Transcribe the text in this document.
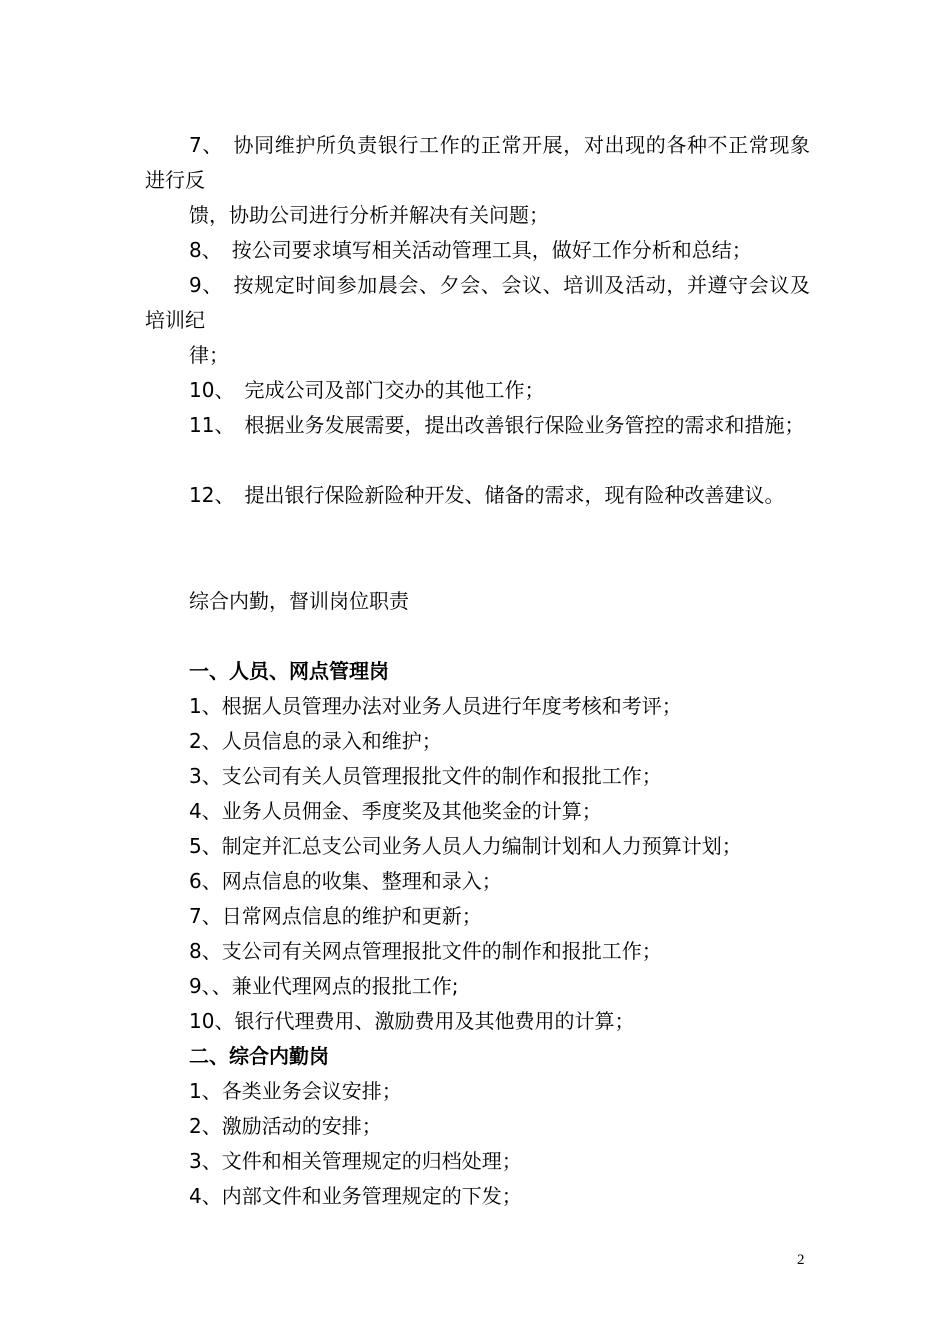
7、　协同维护所负责银行工作的正常开展，对出现的各种不正常现象进行反

馈，协助公司进行分析并解决有关问题；

8、　按公司要求填写相关活动管理工具，做好工作分析和总结；

9、　按规定时间参加晨会、夕会、会议、培训及活动，并遵守会议及培训纪

律；

10、　完成公司及部门交办的其他工作；

11、　根据业务发展需要，提出改善银行保险业务管控的需求和措施；

12、　提出银行保险新险种开发、储备的需求，现有险种改善建议。

综合内勤，督训岗位职责

一、人员、网点管理岗

1、根据人员管理办法对业务人员进行年度考核和考评；

2、人员信息的录入和维护；

3、支公司有关人员管理报批文件的制作和报批工作；

4、业务人员佣金、季度奖及其他奖金的计算；

5、制定并汇总支公司业务人员人力编制计划和人力预算计划；

6、网点信息的收集、整理和录入；

7、日常网点信息的维护和更新；

8、支公司有关网点管理报批文件的制作和报批工作；

9、、兼业代理网点的报批工作;

10、银行代理费用、激励费用及其他费用的计算；

二、综合内勤岗

1、各类业务会议安排；

2、激励活动的安排；

3、文件和相关管理规定的归档处理；

4、内部文件和业务管理规定的下发；

2
